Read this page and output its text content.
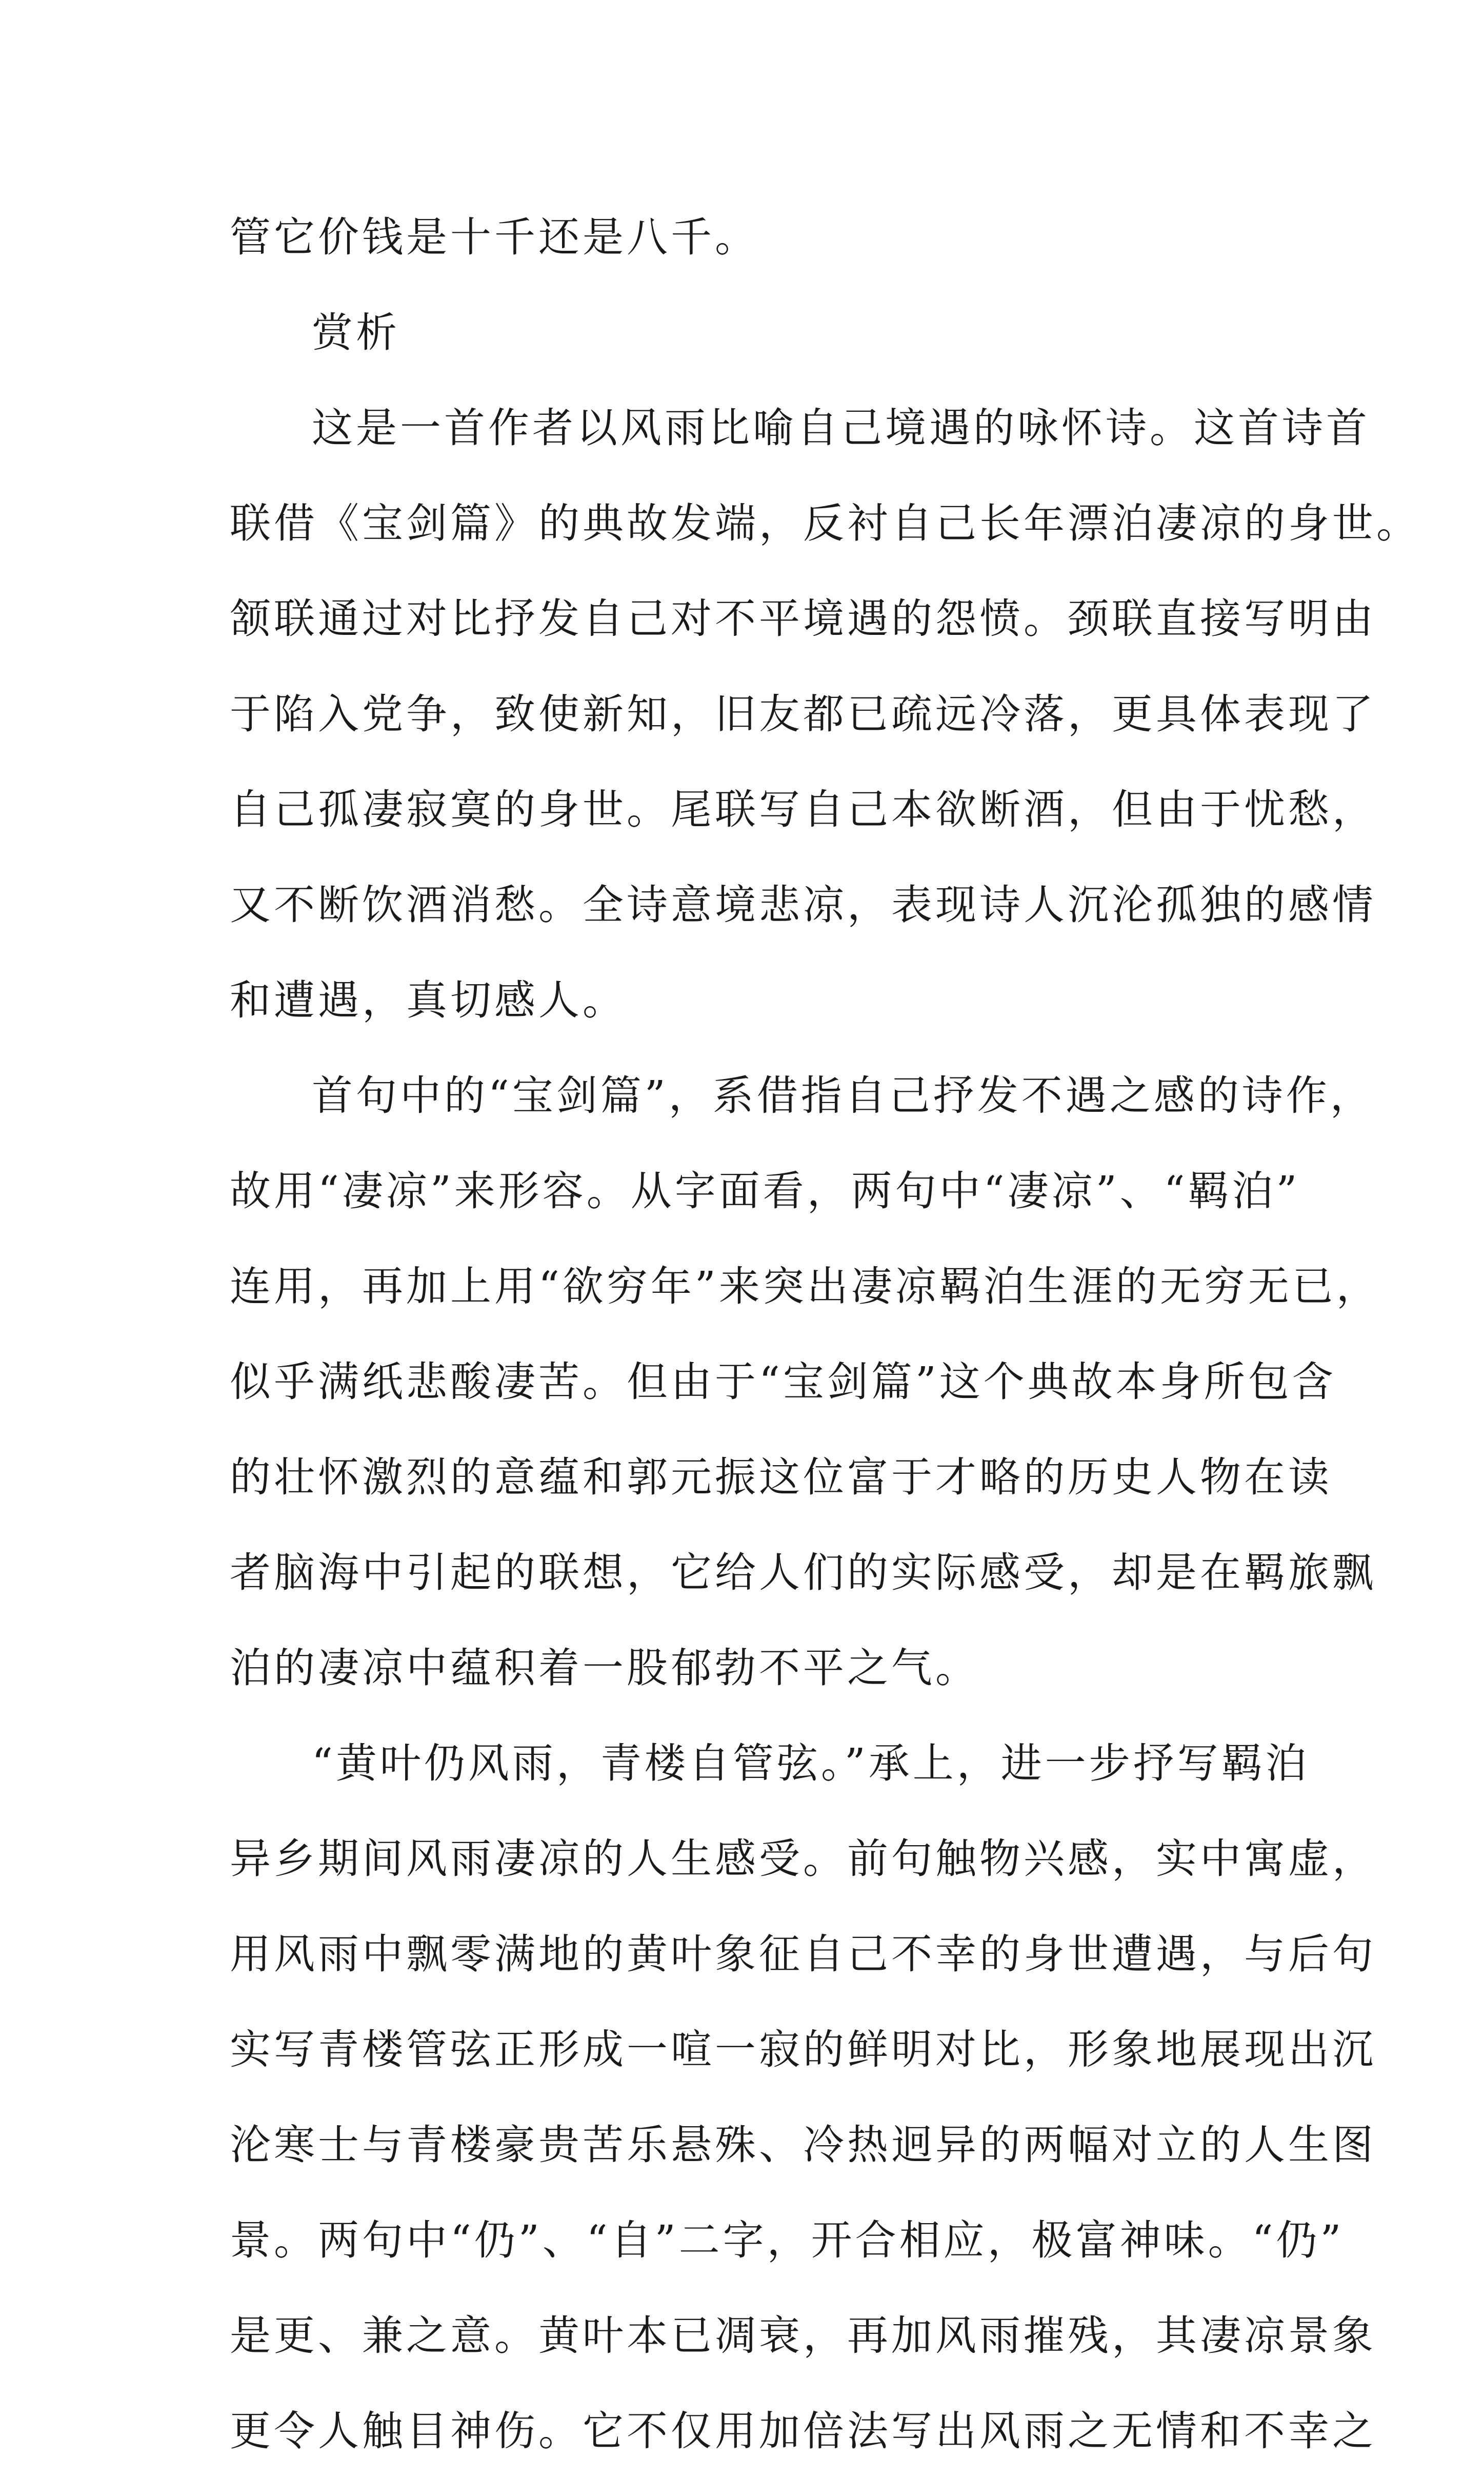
管它价钱是十千还是八千。
赏析
这是一首作者以风雨比喻自己境遇的咏怀诗。这首诗首
联借《宝剑篇》的典故发端，反衬自己长年漂泊凄凉的身世。
颔联通过对比抒发自己对不平境遇的怨愤。颈联直接写明由
于陷入党争，致使新知，旧友都已疏远冷落，更具体表现了
自己孤凄寂寞的身世。尾联写自己本欲断酒，但由于忧愁，
又不断饮酒消愁。全诗意境悲凉，表现诗人沉沦孤独的感情
和遭遇，真切感人。
首句中的“宝剑篇”，系借指自己抒发不遇之感的诗作，
故用“凄凉”来形容。从字面看，两句中“凄凉”、“羁泊”
连用，再加上用“欲穷年”来突出凄凉羁泊生涯的无穷无已，
似乎满纸悲酸凄苦。但由于“宝剑篇”这个典故本身所包含
的壮怀激烈的意蕴和郭元振这位富于才略的历史人物在读
者脑海中引起的联想，它给人们的实际感受，却是在羁旅飘
泊的凄凉中蕴积着一股郁勃不平之气。
“黄叶仍风雨，青楼自管弦。”承上，进一步抒写羁泊
异乡期间风雨凄凉的人生感受。前句触物兴感，实中寓虚，
用风雨中飘零满地的黄叶象征自己不幸的身世遭遇，与后句
实写青楼管弦正形成一喧一寂的鲜明对比，形象地展现出沉
沦寒士与青楼豪贵苦乐悬殊、冷热迥异的两幅对立的人生图
景。两句中“仍”、“自”二字，开合相应，极富神味。“仍”
是更、兼之意。黄叶本已凋衰，再加风雨摧残，其凄凉景象
更令人触目神伤。它不仅用加倍法写出风雨之无情和不幸之
